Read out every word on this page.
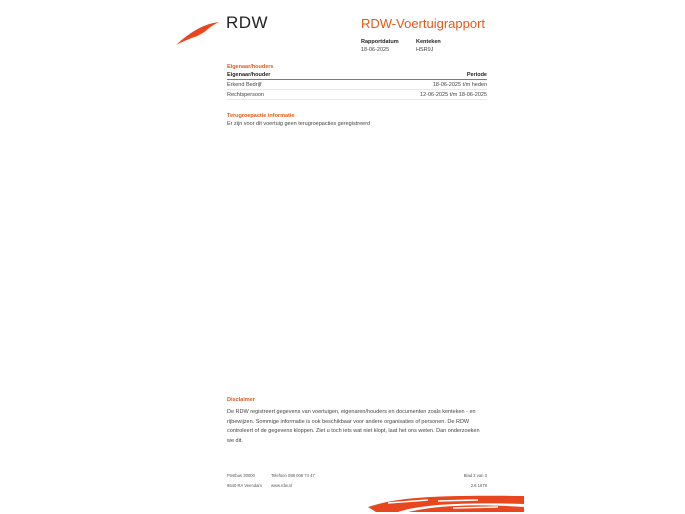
RDW	RDW-Voertuigrapport
Rapportdatum
18-06-2025
Kenteken
HSR9J
Eigenaar/houders
Eigenaar/houder	Periode
Erkend Bedrijf	18-06-2025 t/m heden
Rechtspersoon	12-06-2025 t/m 18-06-2025
Terugroepactie informatie
Er zijn voor dit voertuig geen terugroepacties geregistreerd
Disclaimer
De RDW registreert gegevens van voertuigen, eigenaren/houders en documenten zoals kenteken - en
rijbewijzen. Sommige informatie is ook beschikbaar voor andere organisaties of personen. De RDW
controleert of de gegevens kloppen. Ziet u toch iets wat niet klopt, laat het ons weten. Dan onderzoeken
we dit.
Postbus 30000
9640 RA Veendam
Telefoon 088 008 74 47
www.rdw.nl
Blad 2 van 3
2.6 1678
